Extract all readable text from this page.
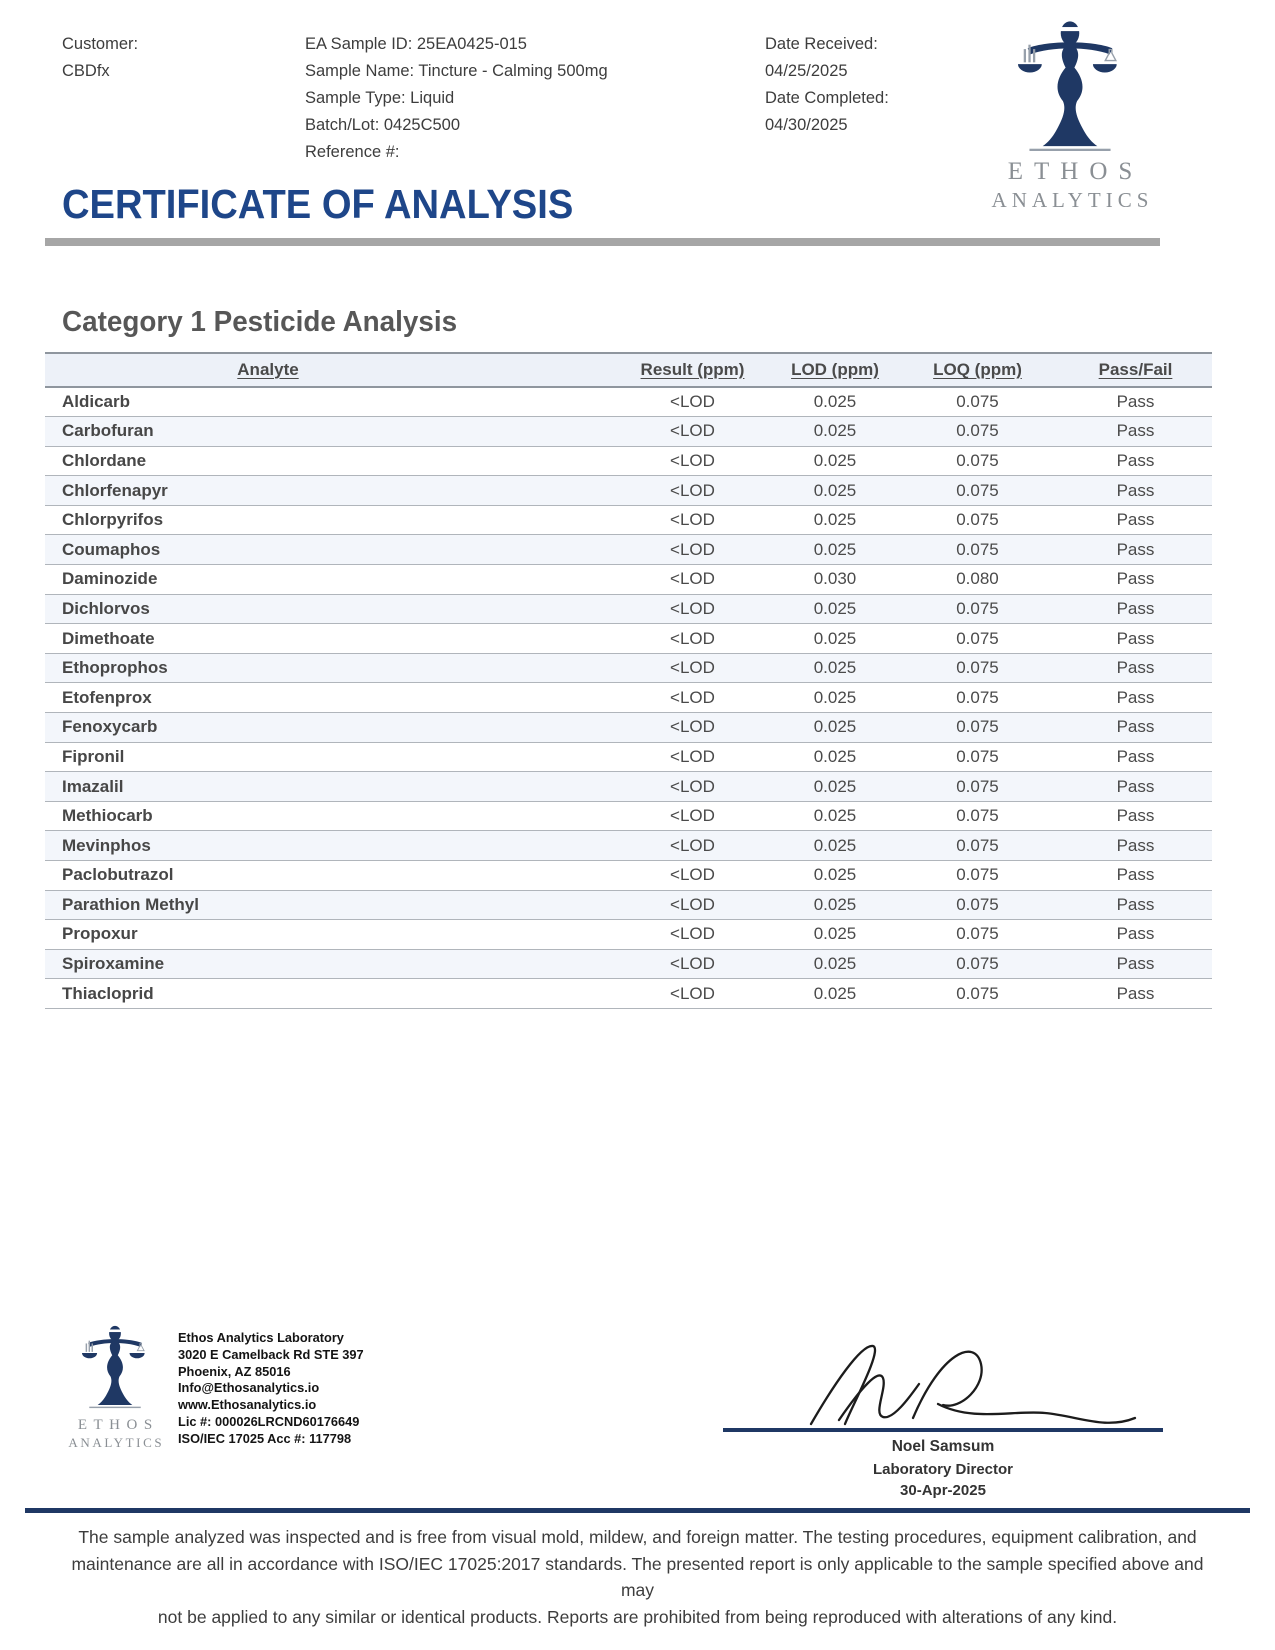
Customer:
CBDfx
EA Sample ID: 25EA0425-015
Sample Name: Tincture - Calming 500mg
Sample Type: Liquid
Batch/Lot: 0425C500
Reference #:
Date Received:
04/25/2025
Date Completed:
04/30/2025
ETHOS
ANALYTICS
CERTIFICATE OF ANALYSIS
Category 1 Pesticide Analysis
Analyte	Result (ppm)	LOD (ppm)	LOQ (ppm)	Pass/Fail
Aldicarb	<LOD	0.025	0.075	Pass
Carbofuran	<LOD	0.025	0.075	Pass
Chlordane	<LOD	0.025	0.075	Pass
Chlorfenapyr	<LOD	0.025	0.075	Pass
Chlorpyrifos	<LOD	0.025	0.075	Pass
Coumaphos	<LOD	0.025	0.075	Pass
Daminozide	<LOD	0.030	0.080	Pass
Dichlorvos	<LOD	0.025	0.075	Pass
Dimethoate	<LOD	0.025	0.075	Pass
Ethoprophos	<LOD	0.025	0.075	Pass
Etofenprox	<LOD	0.025	0.075	Pass
Fenoxycarb	<LOD	0.025	0.075	Pass
Fipronil	<LOD	0.025	0.075	Pass
Imazalil	<LOD	0.025	0.075	Pass
Methiocarb	<LOD	0.025	0.075	Pass
Mevinphos	<LOD	0.025	0.075	Pass
Paclobutrazol	<LOD	0.025	0.075	Pass
Parathion Methyl	<LOD	0.025	0.075	Pass
Propoxur	<LOD	0.025	0.075	Pass
Spiroxamine	<LOD	0.025	0.075	Pass
Thiacloprid	<LOD	0.025	0.075	Pass
ETHOS
ANALYTICS
Ethos Analytics Laboratory
3020 E Camelback Rd STE 397
Phoenix, AZ 85016
Info@Ethosanalytics.io
www.Ethosanalytics.io
Lic #: 000026LRCND60176649
ISO/IEC 17025 Acc #: 117798	Noel Samsum
Laboratory Director
30-Apr-2025
The sample analyzed was inspected and is free from visual mold, mildew, and foreign matter. The testing procedures, equipment calibration, and
maintenance are all in accordance with ISO/IEC 17025:2017 standards. The presented report is only applicable to the sample specified above and may
not be applied to any similar or identical products. Reports are prohibited from being reproduced with alterations of any kind.
